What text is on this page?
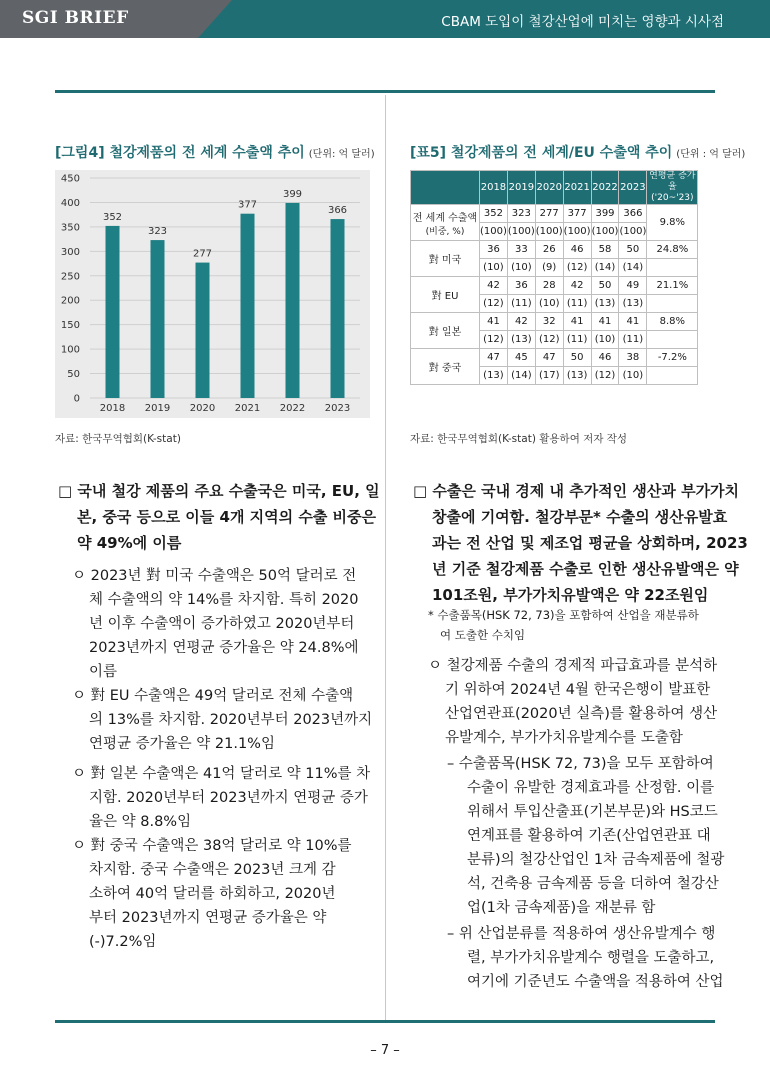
SGI BRIEF	CBAM 도입이 철강산업에 미치는 영향과 시사점
[그림4] 철강제품의 전 세계 수출액 추이 (단위: 억 달러)
0
50
100
150
200
250
300
350
400
450
352
2018
323
2019
277
2020
377
2021
399
2022
366
2023
자료: 한국무역협회(K-stat)
[표5] 철강제품의 전 세계/EU 수출액 추이 (단위 : 억 달러)
	2018	2019	2020	2021	2022	2023	연평균 증가율 ('20~'23)

전 세계 수출액
(비중, %)	352	323	277	377	399	366	9.8%
	(100)	(100)	(100)	(100)	(100)	(100)	

對 미국	36	33	26	46	58	50	24.8%
	(10)	(10)	(9)	(12)	(14)	(14)	

對 EU	42	36	28	42	50	49	21.1%
	(12)	(11)	(10)	(11)	(13)	(13)	

對 일본	41	42	32	41	41	41	8.8%
	(12)	(13)	(12)	(11)	(10)	(11)	

對 중국	47	45	47	50	46	38	-7.2%
	(13)	(14)	(17)	(13)	(12)	(10)	
자료: 한국무역협회(K-stat) 활용하여 저자 작성
□ 국내 철강 제품의 주요 수출국은 미국, EU, 일
본, 중국 등으로 이들 4개 지역의 수출 비중은
약 49%에 이름
ㅇ 2023년 對 미국 수출액은 50억 달러로 전
체 수출액의 약 14%를 차지함. 특히 2020
년 이후 수출액이 증가하였고 2020년부터
2023년까지 연평균 증가율은 약 24.8%에
이름
ㅇ 對 EU 수출액은 49억 달러로 전체 수출액
의 13%를 차지함. 2020년부터 2023년까지
연평균 증가율은 약 21.1%임
ㅇ 對 일본 수출액은 41억 달러로 약 11%를 차
지함. 2020년부터 2023년까지 연평균 증가
율은 약 8.8%임
ㅇ 對 중국 수출액은 38억 달러로 약 10%를
차지함. 중국 수출액은 2023년 크게 감
소하여 40억 달러를 하회하고, 2020년
부터 2023년까지 연평균 증가율은 약
(-)7.2%임
□ 수출은 국내 경제 내 추가적인 생산과 부가가치
창출에 기여함. 철강부문* 수출의 생산유발효
과는 전 산업 및 제조업 평균을 상회하며, 2023
년 기준 철강제품 수출로 인한 생산유발액은 약
101조원, 부가가치유발액은 약 22조원임
* 수출품목(HSK 72, 73)을 포함하여 산업을 재분류하
여 도출한 수치임
ㅇ 철강제품 수출의 경제적 파급효과를 분석하
기 위하여 2024년 4월 한국은행이 발표한
산업연관표(2020년 실측)를 활용하여 생산
유발계수, 부가가치유발계수를 도출함
– 수출품목(HSK 72, 73)을 모두 포함하여
수출이 유발한 경제효과를 산정함. 이를
위해서 투입산출표(기본부문)와 HS코드
연계표를 활용하여 기존(산업연관표 대
분류)의 철강산업인 1차 금속제품에 철광
석, 건축용 금속제품 등을 더하여 철강산
업(1차 금속제품)을 재분류 함
– 위 산업분류를 적용하여 생산유발계수 행
렬, 부가가치유발계수 행렬을 도출하고,
여기에 기준년도 수출액을 적용하여 산업
– 7 –
